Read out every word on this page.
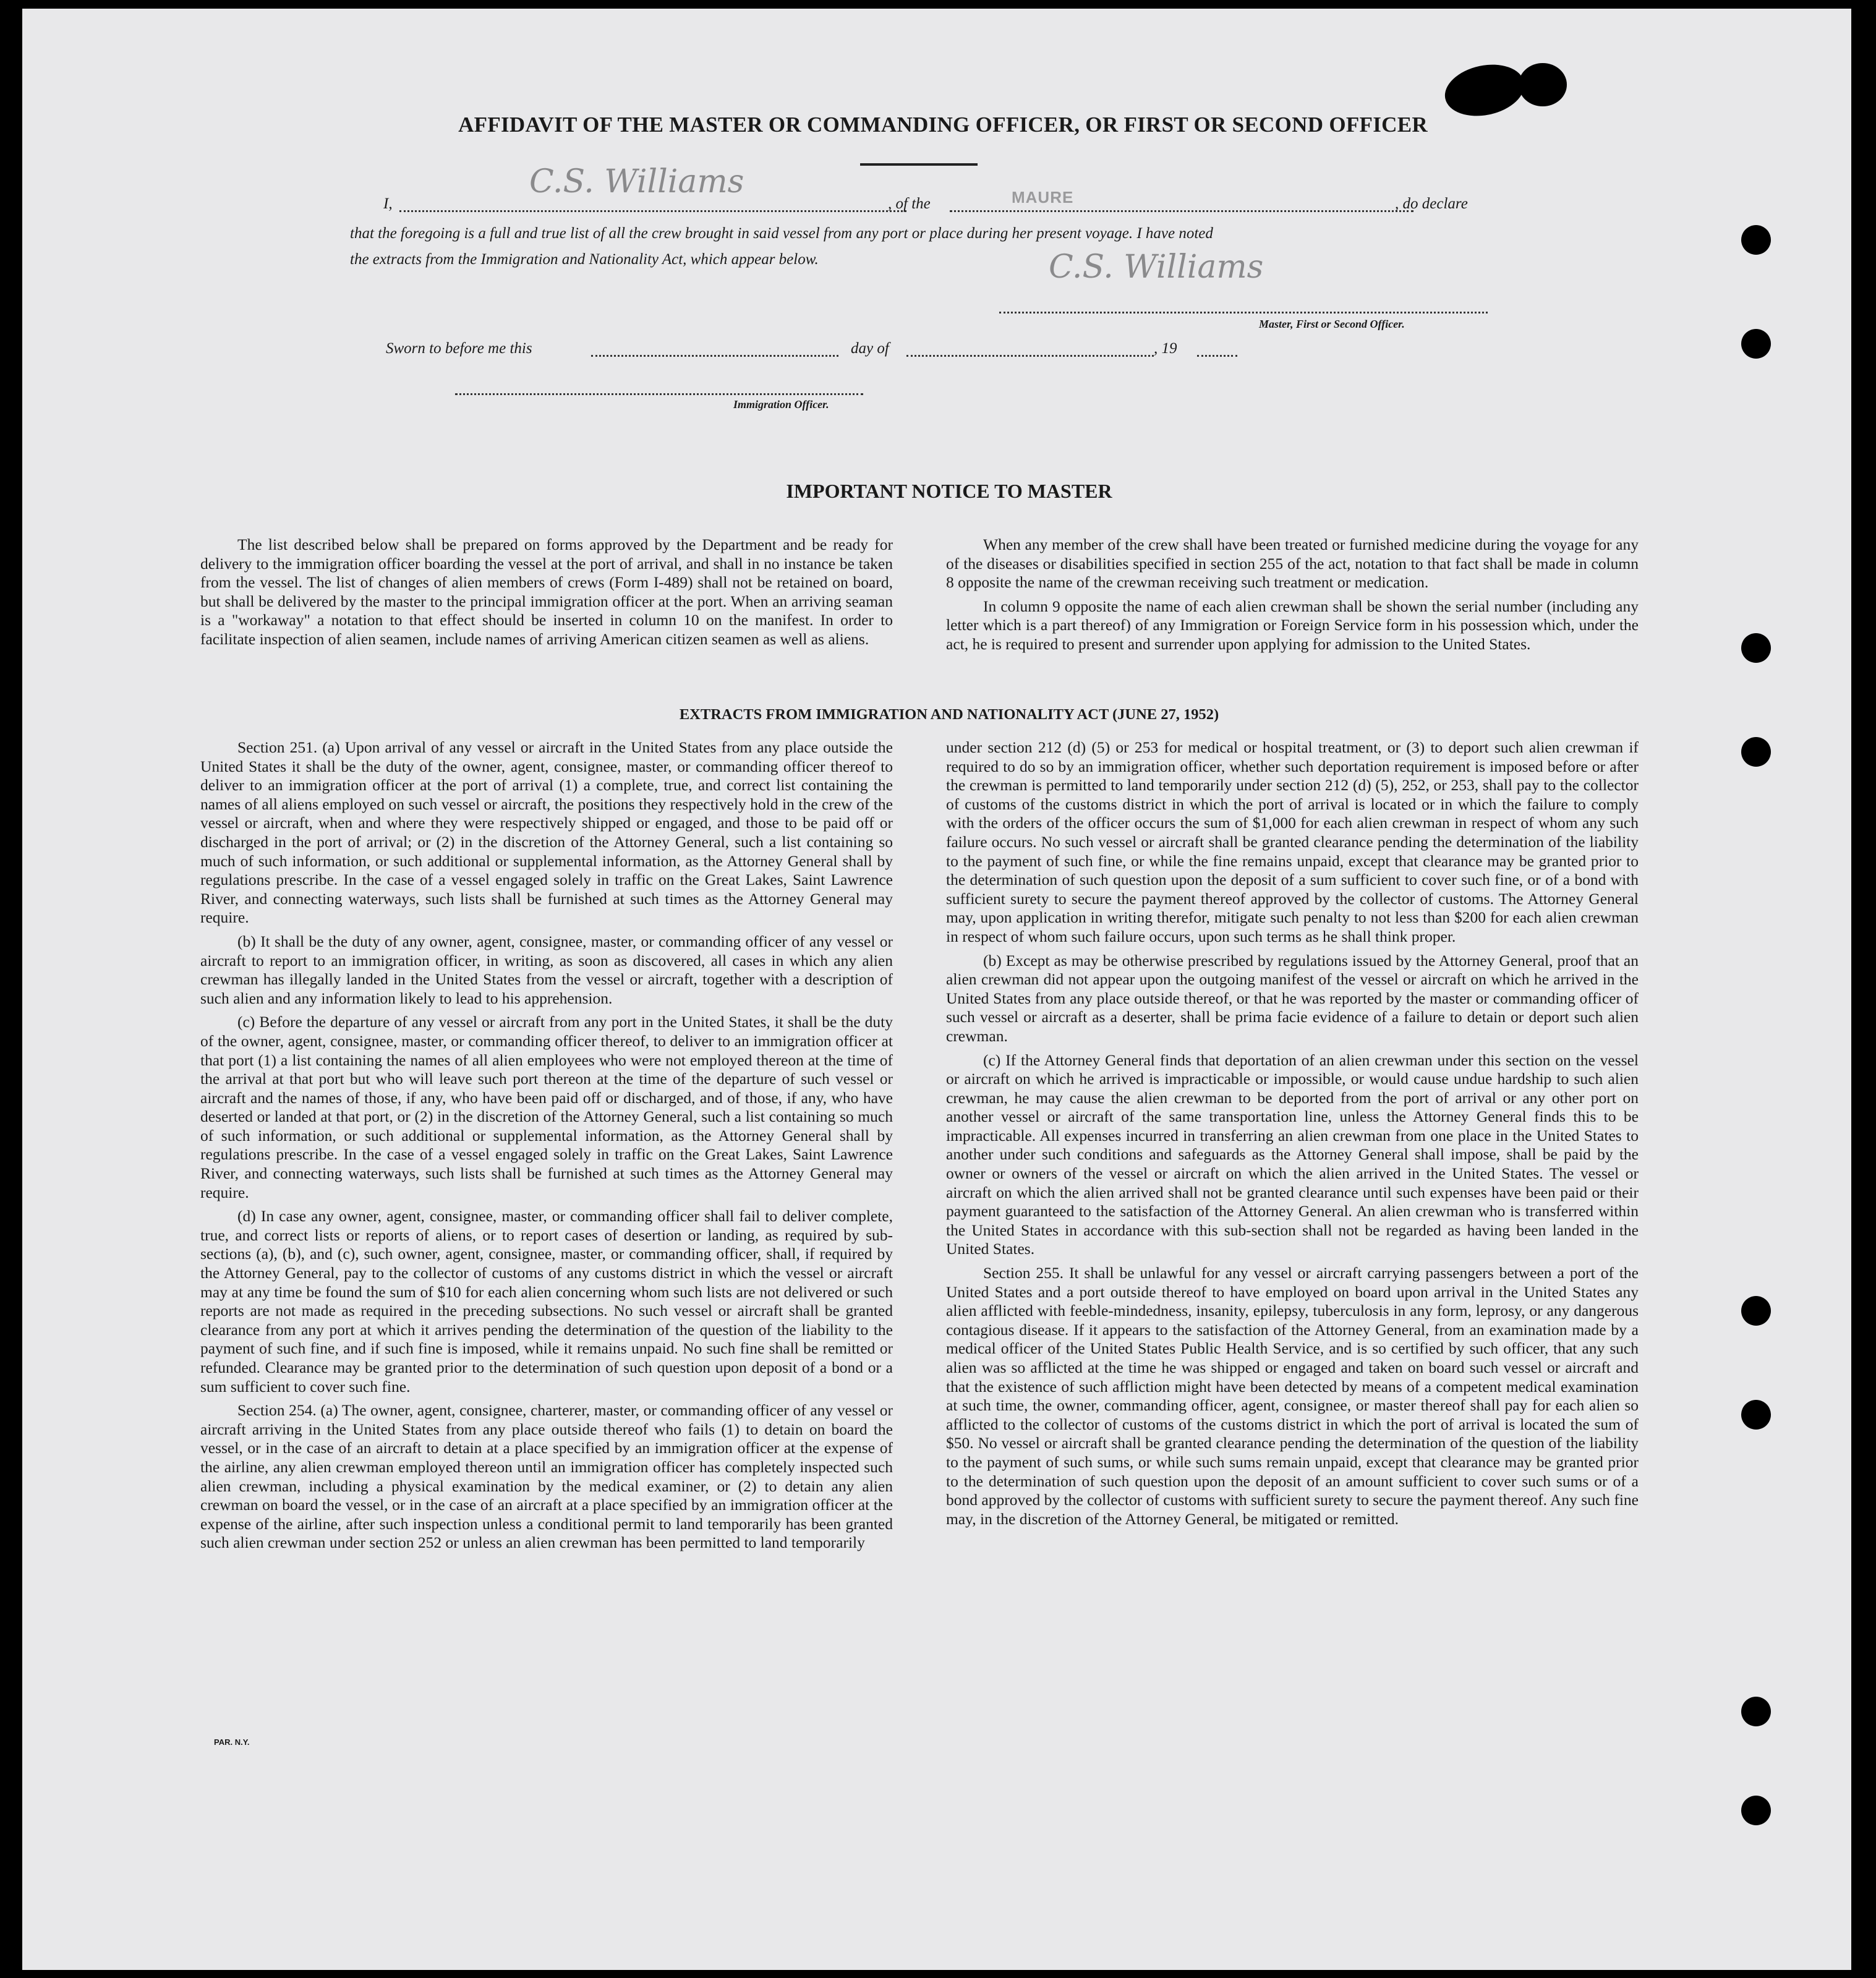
AFFIDAVIT OF THE MASTER OR COMMANDING OFFICER, OR FIRST OR SECOND OFFICER
I,
C.S. Williams
, of the	MAURE	, do declare
that the foregoing is a full and true list of all the crew brought in said vessel from any port or place during her present voyage. I have noted
the extracts from the Immigration and Nationality Act, which appear below.	C.S. Williams
Master, First or Second Officer.
Sworn to before me this	day of	, 19
Immigration Officer.
IMPORTANT NOTICE TO MASTER

The list described below shall be prepared on forms approved by the Department and be ready for delivery to the immigration officer boarding the vessel at the port of arrival, and shall in no instance be taken from the vessel. The list of changes of alien members of crews (Form I-489) shall not be retained on board, but shall be delivered by the master to the principal immigration officer at the port. When an arriving seaman is a "workaway" a notation to that effect should be inserted in column 10 on the manifest. In order to facilitate inspection of alien seamen, include names of arriving American citizen seamen as well as aliens.

When any member of the crew shall have been treated or furnished medicine during the voyage for any of the diseases or disabilities specified in section 255 of the act, notation to that fact shall be made in column 8 opposite the name of the crewman receiving such treatment or medication.

In column 9 opposite the name of each alien crewman shall be shown the serial number (including any letter which is a part thereof) of any Immigration or Foreign Service form in his possession which, under the act, he is required to present and surrender upon applying for admission to the United States.

EXTRACTS FROM IMMIGRATION AND NATIONALITY ACT (JUNE 27, 1952)

Section 251. (a) Upon arrival of any vessel or aircraft in the United States from any place outside the United States it shall be the duty of the owner, agent, consignee, master, or commanding officer thereof to deliver to an immigration officer at the port of arrival (1) a complete, true, and correct list containing the names of all aliens employed on such vessel or aircraft, the positions they respectively hold in the crew of the vessel or aircraft, when and where they were respectively shipped or engaged, and those to be paid off or discharged in the port of arrival; or (2) in the discretion of the Attorney General, such a list containing so much of such information, or such additional or supplemental information, as the Attorney General shall by regulations prescribe. In the case of a vessel engaged solely in traffic on the Great Lakes, Saint Lawrence River, and connecting waterways, such lists shall be furnished at such times as the Attorney General may require.

(b) It shall be the duty of any owner, agent, consignee, master, or commanding officer of any vessel or aircraft to report to an immigration officer, in writing, as soon as discovered, all cases in which any alien crewman has illegally landed in the United States from the vessel or aircraft, together with a description of such alien and any information likely to lead to his apprehension.

(c) Before the departure of any vessel or aircraft from any port in the United States, it shall be the duty of the owner, agent, consignee, master, or commanding officer thereof, to deliver to an immigration officer at that port (1) a list containing the names of all alien employees who were not employed thereon at the time of the arrival at that port but who will leave such port thereon at the time of the departure of such vessel or aircraft and the names of those, if any, who have been paid off or discharged, and of those, if any, who have deserted or landed at that port, or (2) in the discretion of the Attorney General, such a list containing so much of such information, or such additional or supplemental information, as the Attorney General shall by regulations prescribe. In the case of a vessel engaged solely in traffic on the Great Lakes, Saint Lawrence River, and connecting waterways, such lists shall be furnished at such times as the Attorney General may require.

(d) In case any owner, agent, consignee, master, or commanding officer shall fail to deliver complete, true, and correct lists or reports of aliens, or to report cases of desertion or landing, as required by sub-sections (a), (b), and (c), such owner, agent, consignee, master, or commanding officer, shall, if required by the Attorney General, pay to the collector of customs of any customs district in which the vessel or aircraft may at any time be found the sum of $10 for each alien concerning whom such lists are not delivered or such reports are not made as required in the preceding subsections. No such vessel or aircraft shall be granted clearance from any port at which it arrives pending the determination of the question of the liability to the payment of such fine, and if such fine is imposed, while it remains unpaid. No such fine shall be remitted or refunded. Clearance may be granted prior to the determination of such question upon deposit of a bond or a sum sufficient to cover such fine.

Section 254. (a) The owner, agent, consignee, charterer, master, or commanding officer of any vessel or aircraft arriving in the United States from any place outside thereof who fails (1) to detain on board the vessel, or in the case of an aircraft to detain at a place specified by an immigration officer at the expense of the airline, any alien crewman employed thereon until an immigration officer has completely inspected such alien crewman, including a physical examination by the medical examiner, or (2) to detain any alien crewman on board the vessel, or in the case of an aircraft at a place specified by an immigration officer at the expense of the airline, after such inspection unless a conditional permit to land temporarily has been granted such alien crewman under section 252 or unless an alien crewman has been permitted to land temporarily

under section 212 (d) (5) or 253 for medical or hospital treatment, or (3) to deport such alien crewman if required to do so by an immigration officer, whether such deportation requirement is imposed before or after the crewman is permitted to land temporarily under section 212 (d) (5), 252, or 253, shall pay to the collector of customs of the customs district in which the port of arrival is located or in which the failure to comply with the orders of the officer occurs the sum of $1,000 for each alien crewman in respect of whom any such failure occurs. No such vessel or aircraft shall be granted clearance pending the determination of the liability to the payment of such fine, or while the fine remains unpaid, except that clearance may be granted prior to the determination of such question upon the deposit of a sum sufficient to cover such fine, or of a bond with sufficient surety to secure the payment thereof approved by the collector of customs. The Attorney General may, upon application in writing therefor, mitigate such penalty to not less than $200 for each alien crewman in respect of whom such failure occurs, upon such terms as he shall think proper.

(b) Except as may be otherwise prescribed by regulations issued by the Attorney General, proof that an alien crewman did not appear upon the outgoing manifest of the vessel or aircraft on which he arrived in the United States from any place outside thereof, or that he was reported by the master or commanding officer of such vessel or aircraft as a deserter, shall be prima facie evidence of a failure to detain or deport such alien crewman.

(c) If the Attorney General finds that deportation of an alien crewman under this section on the vessel or aircraft on which he arrived is impracticable or impossible, or would cause undue hardship to such alien crewman, he may cause the alien crewman to be deported from the port of arrival or any other port on another vessel or aircraft of the same transportation line, unless the Attorney General finds this to be impracticable. All expenses incurred in transferring an alien crewman from one place in the United States to another under such conditions and safeguards as the Attorney General shall impose, shall be paid by the owner or owners of the vessel or aircraft on which the alien arrived in the United States. The vessel or aircraft on which the alien arrived shall not be granted clearance until such expenses have been paid or their payment guaranteed to the satisfaction of the Attorney General. An alien crewman who is transferred within the United States in accordance with this sub-section shall not be regarded as having been landed in the United States.

Section 255. It shall be unlawful for any vessel or aircraft carrying passengers between a port of the United States and a port outside thereof to have employed on board upon arrival in the United States any alien afflicted with feeble-mindedness, insanity, epilepsy, tuberculosis in any form, leprosy, or any dangerous contagious disease. If it appears to the satisfaction of the Attorney General, from an examination made by a medical officer of the United States Public Health Service, and is so certified by such officer, that any such alien was so afflicted at the time he was shipped or engaged and taken on board such vessel or aircraft and that the existence of such affliction might have been detected by means of a competent medical examination at such time, the owner, commanding officer, agent, consignee, or master thereof shall pay for each alien so afflicted to the collector of customs of the customs district in which the port of arrival is located the sum of $50. No vessel or aircraft shall be granted clearance pending the determination of the question of the liability to the payment of such sums, or while such sums remain unpaid, except that clearance may be granted prior to the determination of such question upon the deposit of an amount sufficient to cover such sums or of a bond approved by the collector of customs with sufficient surety to secure the payment thereof. Any such fine may, in the discretion of the Attorney General, be mitigated or remitted.

PAR. N.Y.
